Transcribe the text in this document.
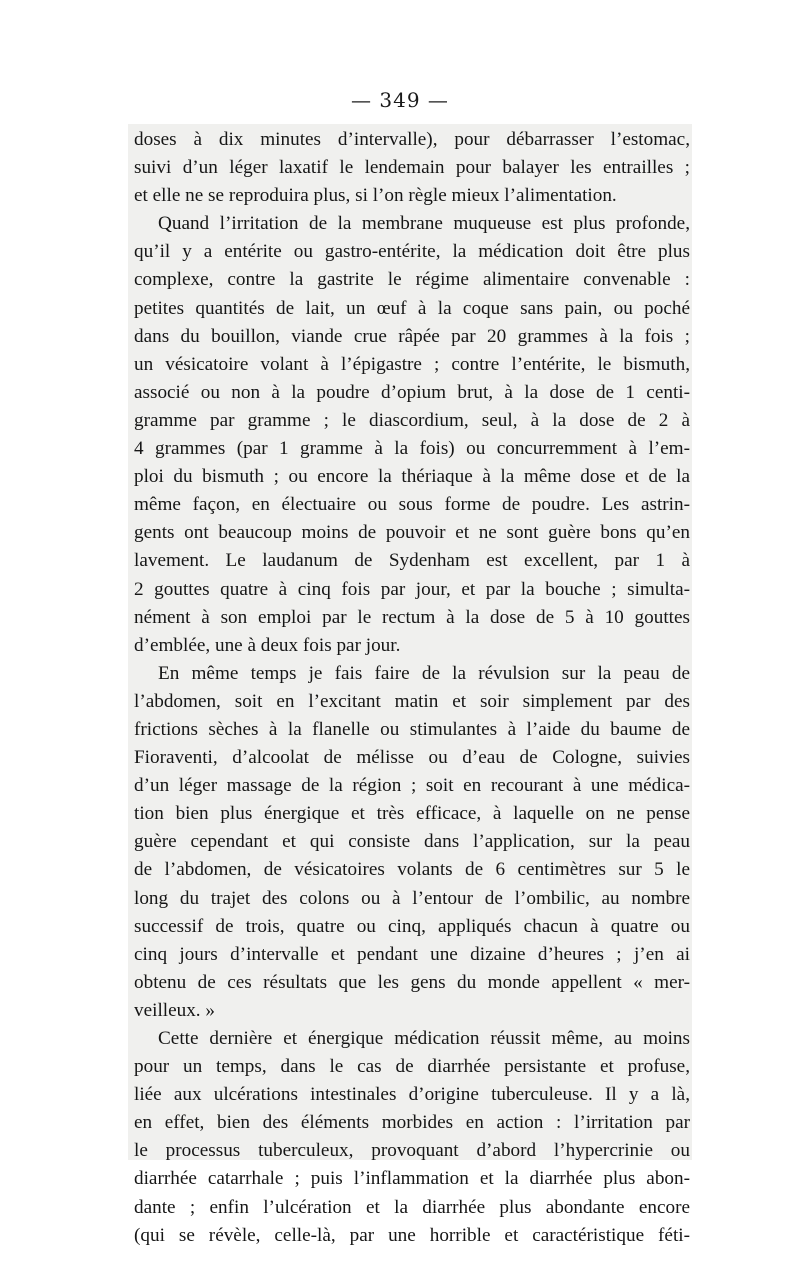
— 349 —
doses à dix minutes d’intervalle), pour débarrasser l’estomac,
suivi d’un léger laxatif le lendemain pour balayer les entrailles ;
et elle ne se reproduira plus, si l’on règle mieux l’alimentation.
Quand l’irritation de la membrane muqueuse est plus profonde,
qu’il y a entérite ou gastro-entérite, la médication doit être plus
complexe, contre la gastrite le régime alimentaire convenable :
petites quantités de lait, un œuf à la coque sans pain, ou poché
dans du bouillon, viande crue râpée par 20 grammes à la fois ;
un vésicatoire volant à l’épigastre ; contre l’entérite, le bismuth,
associé ou non à la poudre d’opium brut, à la dose de 1 centi-
gramme par gramme ; le diascordium, seul, à la dose de 2 à
4 grammes (par 1 gramme à la fois) ou concurremment à l’em-
ploi du bismuth ; ou encore la thériaque à la même dose et de la
même façon, en électuaire ou sous forme de poudre. Les astrin-
gents ont beaucoup moins de pouvoir et ne sont guère bons qu’en
lavement. Le laudanum de Sydenham est excellent, par 1 à
2 gouttes quatre à cinq fois par jour, et par la bouche ; simulta-
nément à son emploi par le rectum à la dose de 5 à 10 gouttes
d’emblée, une à deux fois par jour.
En même temps je fais faire de la révulsion sur la peau de
l’abdomen, soit en l’excitant matin et soir simplement par des
frictions sèches à la flanelle ou stimulantes à l’aide du baume de
Fioraventi, d’alcoolat de mélisse ou d’eau de Cologne, suivies
d’un léger massage de la région ; soit en recourant à une médica-
tion bien plus énergique et très efficace, à laquelle on ne pense
guère cependant et qui consiste dans l’application, sur la peau
de l’abdomen, de vésicatoires volants de 6 centimètres sur 5 le
long du trajet des colons ou à l’entour de l’ombilic, au nombre
successif de trois, quatre ou cinq, appliqués chacun à quatre ou
cinq jours d’intervalle et pendant une dizaine d’heures ; j’en ai
obtenu de ces résultats que les gens du monde appellent « mer-
veilleux. »
Cette dernière et énergique médication réussit même, au moins
pour un temps, dans le cas de diarrhée persistante et profuse,
liée aux ulcérations intestinales d’origine tuberculeuse. Il y a là,
en effet, bien des éléments morbides en action : l’irritation par
le processus tuberculeux, provoquant d’abord l’hypercrinie ou
diarrhée catarrhale ; puis l’inflammation et la diarrhée plus abon-
dante ; enfin l’ulcération et la diarrhée plus abondante encore
(qui se révèle, celle-là, par une horrible et caractéristique féti-
